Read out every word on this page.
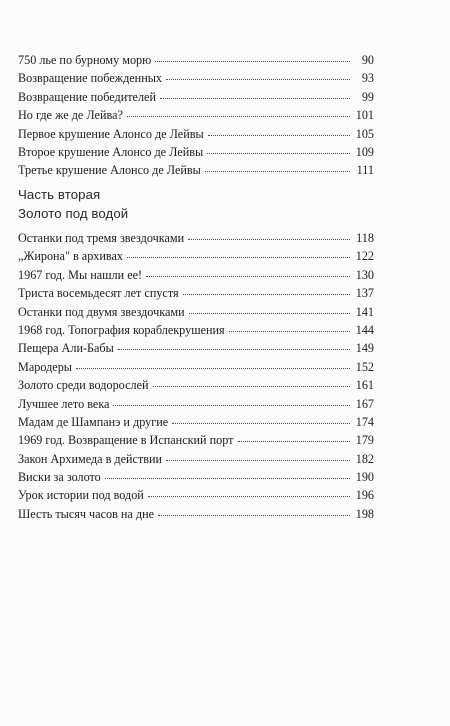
750 лье по бурному морю	90
Возвращение побежденных	93
Возвращение победителей	99
Но где же де Лейва?	101
Первое крушение Алонсо де Лейвы	105
Второе крушение Алонсо де Лейвы	109
Третье крушение Алонсо де Лейвы	111
Часть вторая
Золото под водой
Останки под тремя звездочками	118
„Жирона" в архивах	122
1967 год. Мы нашли ее!	130
Триста восемьдесят лет спустя	137
Останки под двумя звездочками	141
1968 год. Топография кораблекрушения	144
Пещера Али-Бабы	149
Мародеры	152
Золото среди водорослей	161
Лучшее лето века	167
Мадам де Шампанэ и другие	174
1969 год. Возвращение в Испанский порт	179
Закон Архимеда в действии	182
Виски за золото	190
Урок истории под водой	196
Шесть тысяч часов на дне	198
